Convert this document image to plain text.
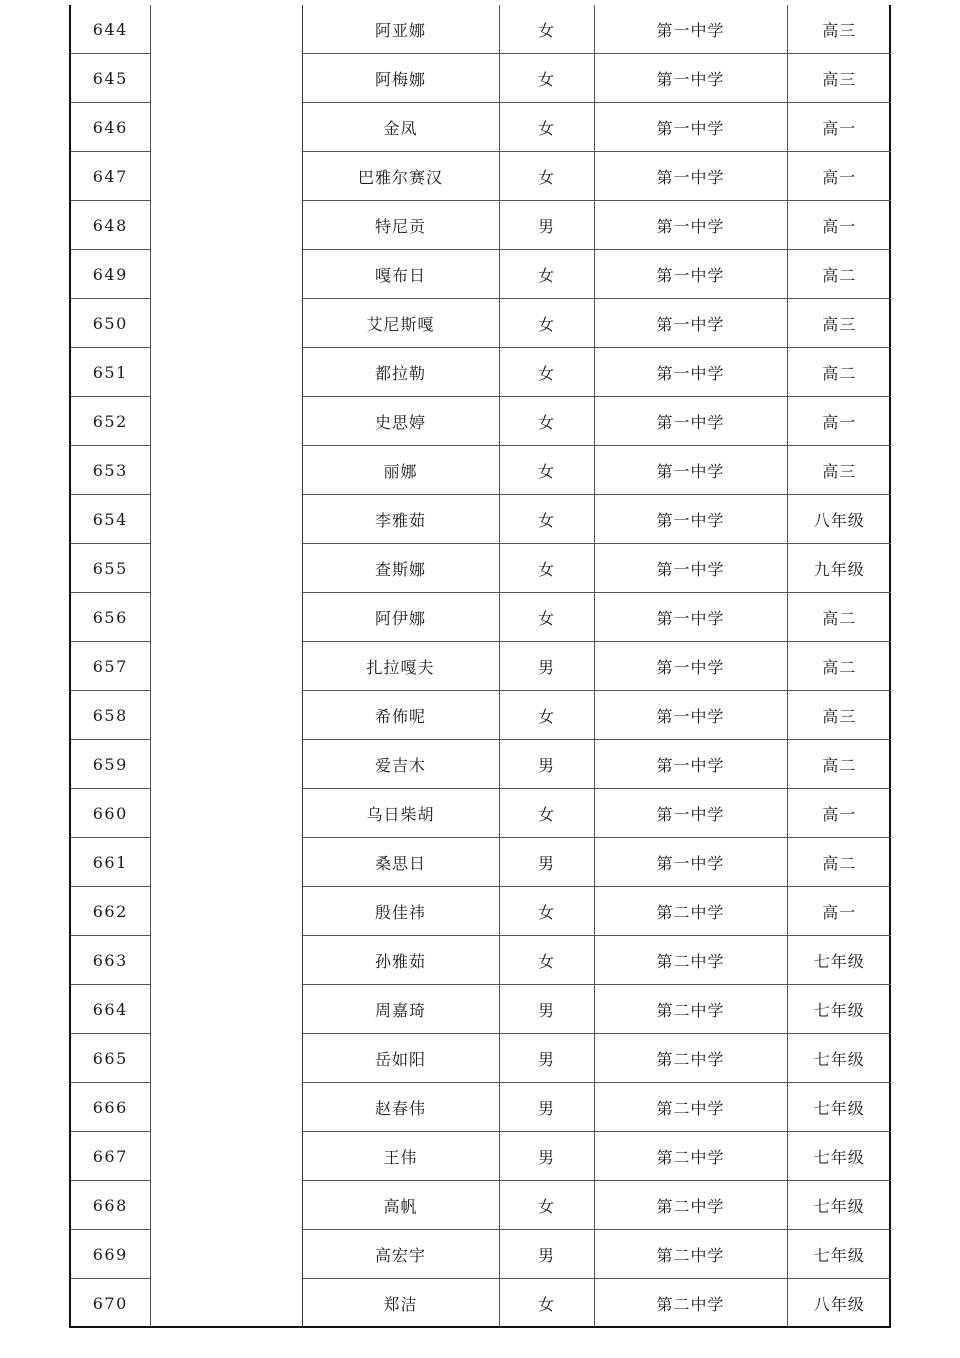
644		阿亚娜	女	第一中学	高三
645		阿梅娜	女	第一中学	高三
646		金凤	女	第一中学	高一
647		巴雅尔赛汉	女	第一中学	高一
648		特尼贡	男	第一中学	高一
649		嘎布日	女	第一中学	高二
650		艾尼斯嘎	女	第一中学	高三
651		都拉勒	女	第一中学	高二
652		史思婷	女	第一中学	高一
653		丽娜	女	第一中学	高三
654		李雅茹	女	第一中学	八年级
655		查斯娜	女	第一中学	九年级
656		阿伊娜	女	第一中学	高二
657		扎拉嘎夫	男	第一中学	高二
658		希佈呢	女	第一中学	高三
659		爱吉木	男	第一中学	高二
660		乌日柴胡	女	第一中学	高一
661		桑思日	男	第一中学	高二
662		殷佳祎	女	第二中学	高一
663		孙雅茹	女	第二中学	七年级
664		周嘉琦	男	第二中学	七年级
665		岳如阳	男	第二中学	七年级
666		赵春伟	男	第二中学	七年级
667		王伟	男	第二中学	七年级
668		高帆	女	第二中学	七年级
669		高宏宇	男	第二中学	七年级
670		郑洁	女	第二中学	八年级
